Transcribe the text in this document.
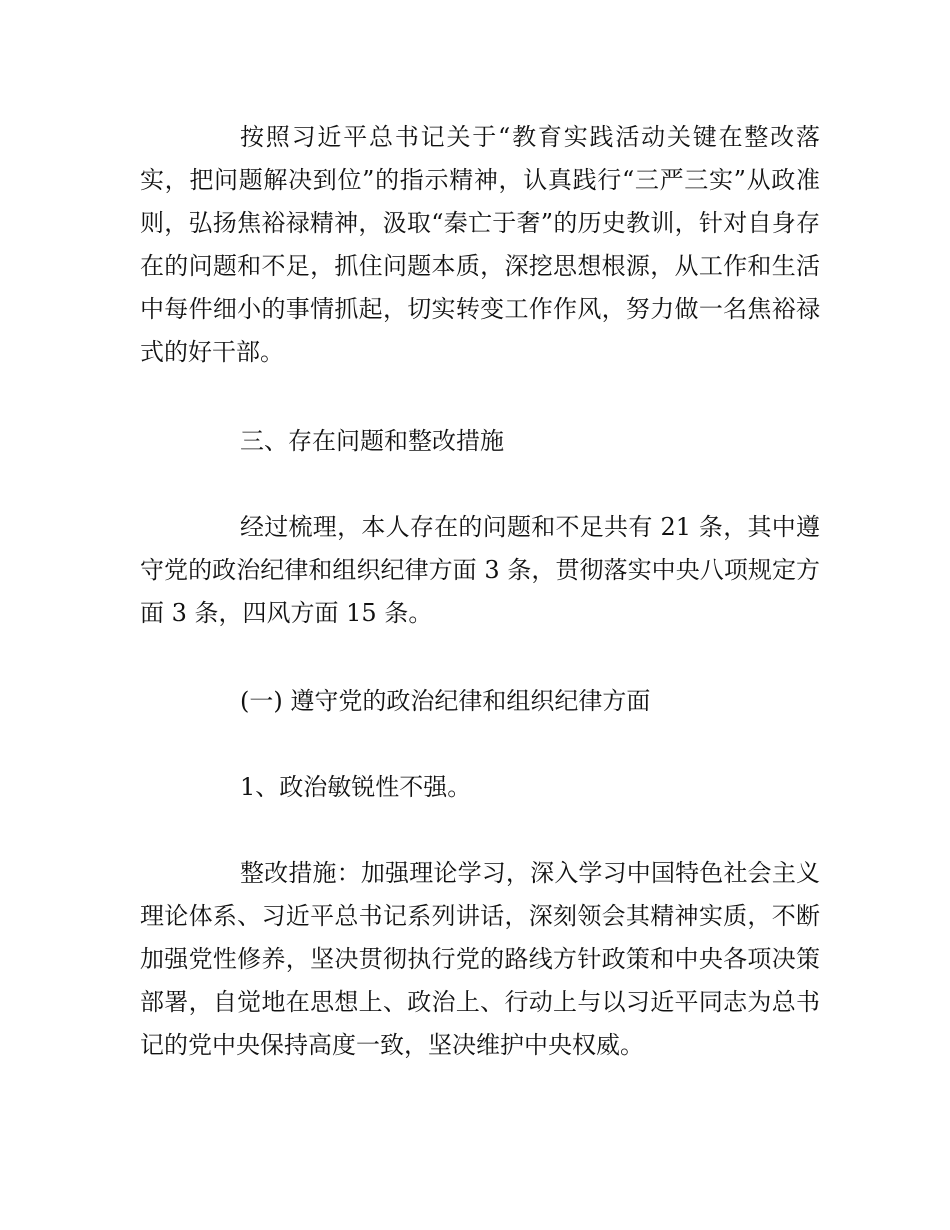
按照习近平总书记关于“教育实践活动关键在整改落实，把问题解决到位”的指示精神，认真践行“三严三实”从政准则，弘扬焦裕禄精神，汲取“秦亡于奢”的历史教训，针对自身存在的问题和不足，抓住问题本质，深挖思想根源，从工作和生活中每件细小的事情抓起，切实转变工作作风，努力做一名焦裕禄式的好干部。

三、存在问题和整改措施

经过梳理，本人存在的问题和不足共有 21 条，其中遵守党的政治纪律和组织纪律方面 3 条，贯彻落实中央八项规定方面 3 条，四风方面 15 条。

(一) 遵守党的政治纪律和组织纪律方面

1、政治敏锐性不强。

整改措施：加强理论学习，深入学习中国特色社会主义理论体系、习近平总书记系列讲话，深刻领会其精神实质，不断加强党性修养，坚决贯彻执行党的路线方针政策和中央各项决策部署，自觉地在思想上、政治上、行动上与以习近平同志为总书记的党中央保持高度一致，坚决维护中央权威。
